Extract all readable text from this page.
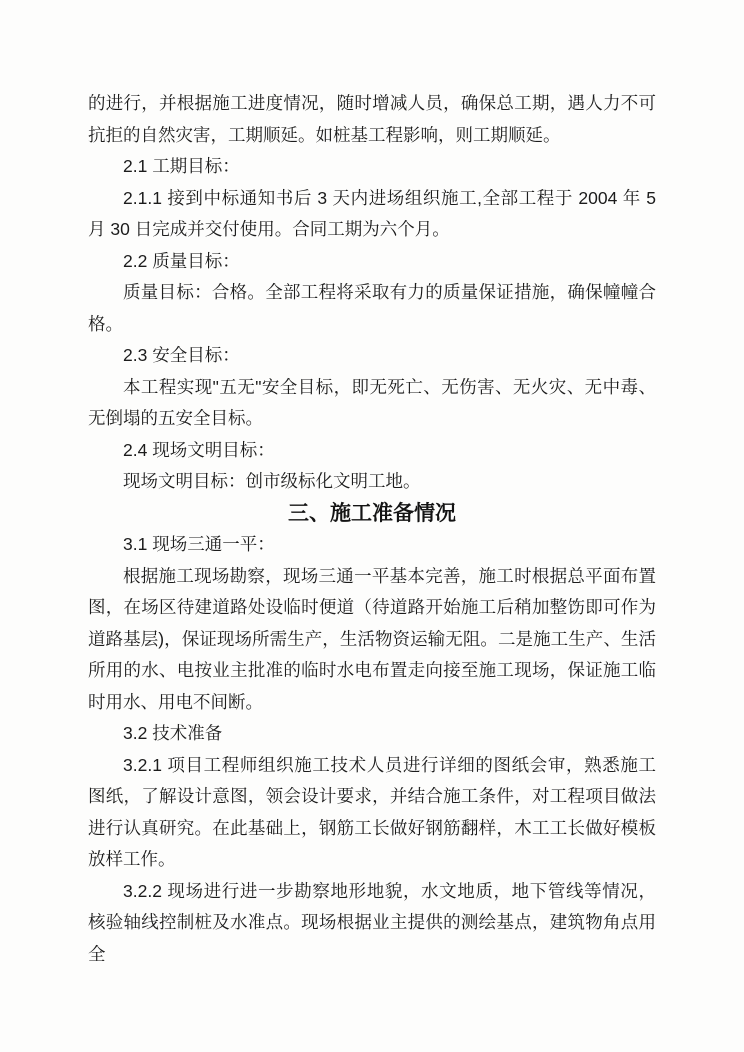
的进行，并根据施工进度情况，随时增减人员，确保总工期，遇人力不可抗拒的自然灾害，工期顺延。如桩基工程影响，则工期顺延。

2.1 工期目标：

2.1.1 接到中标通知书后 3 天内进场组织施工,全部工程于 2004 年 5 月 30 日完成并交付使用。合同工期为六个月。

2.2 质量目标：

质量目标：合格。全部工程将采取有力的质量保证措施，确保幢幢合格。

2.3 安全目标：

本工程实现"五无"安全目标，即无死亡、无伤害、无火灾、无中毒、无倒塌的五安全目标。

2.4 现场文明目标：

现场文明目标：创市级标化文明工地。

三、施工准备情况

3.1 现场三通一平：

根据施工现场勘察，现场三通一平基本完善，施工时根据总平面布置图，在场区待建道路处设临时便道（待道路开始施工后稍加整饬即可作为道路基层)，保证现场所需生产，生活物资运输无阻。二是施工生产、生活所用的水、电按业主批准的临时水电布置走向接至施工现场，保证施工临时用水、用电不间断。

3.2 技术准备

3.2.1 项目工程师组织施工技术人员进行详细的图纸会审，熟悉施工图纸，了解设计意图，领会设计要求，并结合施工条件，对工程项目做法进行认真研究。在此基础上，钢筋工长做好钢筋翻样，木工工长做好模板放样工作。

3.2.2 现场进行进一步勘察地形地貌，水文地质，地下管线等情况，核验轴线控制桩及水准点。现场根据业主提供的测绘基点，建筑物角点用全
